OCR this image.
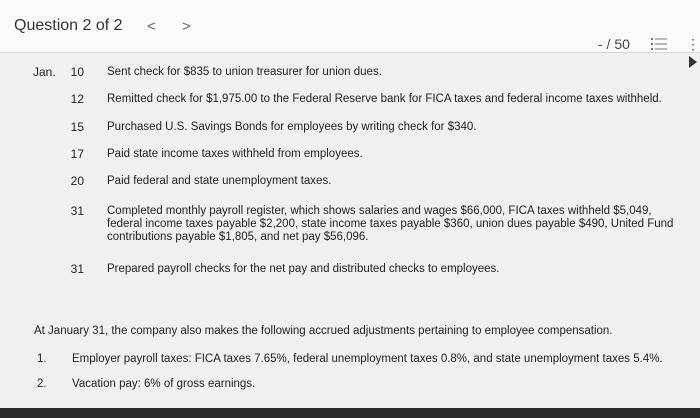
Question 2 of 2 < >
- / 50	⋮
Jan.	10 Sent check for $835 to union treasurer for union dues.
12 Remitted check for $1,975.00 to the Federal Reserve bank for FICA taxes and federal income taxes withheld.
15 Purchased U.S. Savings Bonds for employees by writing check for $340.
17 Paid state income taxes withheld from employees.
20 Paid federal and state unemployment taxes.
31 Completed monthly payroll register, which shows salaries and wages $66,000, FICA taxes withheld $5,049, federal income taxes payable $2,200, state income taxes payable $360, union dues payable $490, United Fund contributions payable $1,805, and net pay $56,096.
31 Prepared payroll checks for the net pay and distributed checks to employees.
At January 31, the company also makes the following accrued adjustments pertaining to employee compensation.
1. Employer payroll taxes: FICA taxes 7.65%, federal unemployment taxes 0.8%, and state unemployment taxes 5.4%.
2. Vacation pay: 6% of gross earnings.
